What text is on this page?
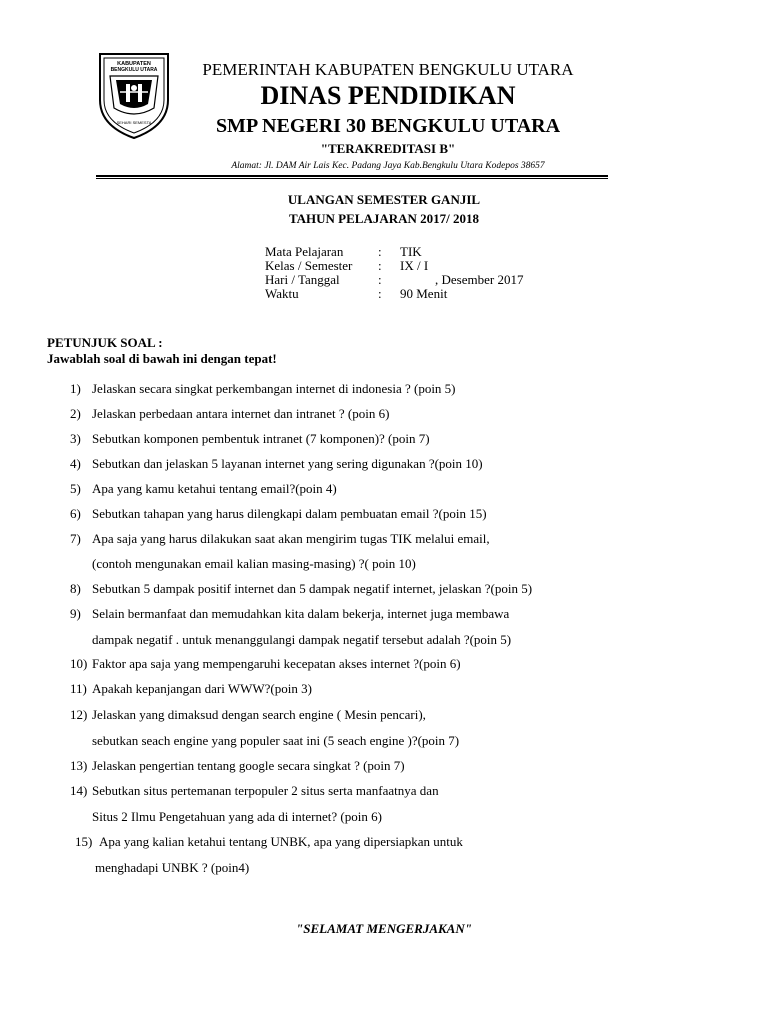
KABUPATEN
BENGKULU UTARA
SEHARI SEMESTA
PEMERINTAH KABUPATEN BENGKULU UTARA
DINAS PENDIDIKAN
SMP NEGERI 30 BENGKULU UTARA
"TERAKREDITASI B"
Alamat: Jl. DAM Air Lais Kec. Padang Jaya Kab.Bengkulu Utara Kodepos 38657
ULANGAN SEMESTER GANJIL
TAHUN PELAJARAN 2017/ 2018
Mata Pelajaran	: TIK
Kelas / Semester : IX / I
Hari / Tanggal	:	, Desember 2017
Waktu	: 90 Menit
PETUNJUK SOAL :
Jawablah soal di bawah ini dengan tepat!
1) Jelaskan secara singkat perkembangan internet di indonesia ? (poin 5)
2) Jelaskan perbedaan antara internet dan intranet ? (poin 6)
3) Sebutkan komponen pembentuk intranet (7 komponen)? (poin 7)
4) Sebutkan dan jelaskan 5 layanan internet yang sering digunakan ?(poin 10)
5) Apa yang kamu ketahui tentang email?(poin 4)
6) Sebutkan tahapan yang harus dilengkapi dalam pembuatan email ?(poin 15)
7) Apa saja yang harus dilakukan saat akan mengirim tugas TIK melalui email,
(contoh mengunakan email kalian masing-masing) ?( poin 10)
8) Sebutkan 5 dampak positif internet dan 5 dampak negatif internet, jelaskan ?(poin 5)
9) Selain bermanfaat dan memudahkan kita dalam bekerja, internet juga membawa
dampak negatif . untuk menanggulangi dampak negatif tersebut adalah ?(poin 5)
10) Faktor apa saja yang mempengaruhi kecepatan akses internet ?(poin 6)
11) Apakah kepanjangan dari WWW?(poin 3)
12) Jelaskan yang dimaksud dengan search engine ( Mesin pencari),
sebutkan seach engine yang populer saat ini (5 seach engine )?(poin 7)
13) Jelaskan pengertian tentang google secara singkat ? (poin 7)
14) Sebutkan situs pertemanan terpopuler 2 situs serta manfaatnya dan
Situs 2 Ilmu Pengetahuan yang ada di internet? (poin 6)
15) Apa yang kalian ketahui tentang UNBK, apa yang dipersiapkan untuk
menghadapi UNBK ? (poin4)
"SELAMAT MENGERJAKAN"
